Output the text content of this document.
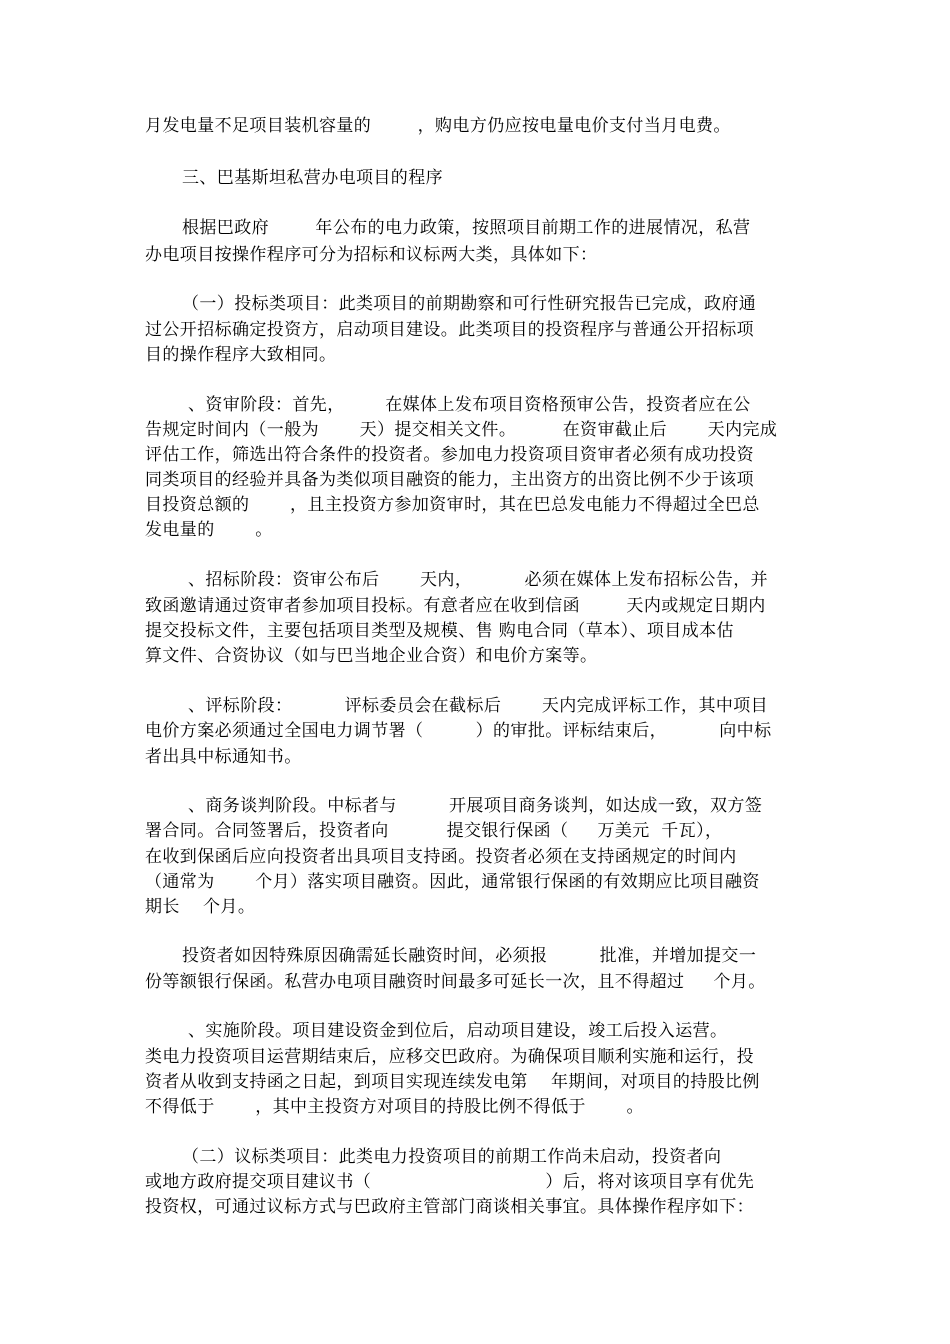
月发电量不足项目装机容量的        ，购电方仍应按电量电价支付当月电费。

三、巴基斯坦私营办电项目的程序

根据巴政府        年公布的电力政策，按照项目前期工作的进展情况，私营

办电项目按操作程序可分为招标和议标两大类，具体如下：

（一）投标类项目：此类项目的前期勘察和可行性研究报告已完成，政府通

过公开招标确定投资方，启动项目建设。此类项目的投资程序与普通公开招标项

目的操作程序大致相同。

、资审阶段：首先，       在媒体上发布项目资格预审公告，投资者应在公

告规定时间内（一般为       天）提交相关文件。        在资审截止后       天内完成

评估工作，筛选出符合条件的投资者。参加电力投资项目资审者必须有成功投资

同类项目的经验并具备为类似项目融资的能力，主出资方的出资比例不少于该项

目投资总额的       ，且主投资方参加资审时，其在巴总发电能力不得超过全巴总

发电量的       。

、招标阶段：资审公布后       天内，         必须在媒体上发布招标公告，并

致函邀请通过资审者参加项目投标。有意者应在收到信函        天内或规定日期内

提交投标文件，主要包括项目类型及规模、售 购电合同（草本）、项目成本估

算文件、合资协议（如与巴当地企业合资）和电价方案等。

、评标阶段：         评标委员会在截标后       天内完成评标工作，其中项目

电价方案必须通过全国电力调节署（         ）的审批。评标结束后，         向中标

者出具中标通知书。

、商务谈判阶段。中标者与         开展项目商务谈判，如达成一致，双方签

署合同。合同签署后，投资者向          提交银行保函（     万美元  千瓦），

在收到保函后应向投资者出具项目支持函。投资者必须在支持函规定的时间内

（通常为       个月）落实项目融资。因此，通常银行保函的有效期应比项目融资

期长    个月。

投资者如因特殊原因确需延长融资时间，必须报         批准，并增加提交一

份等额银行保函。私营办电项目融资时间最多可延长一次，且不得超过     个月。

、实施阶段。项目建设资金到位后，启动项目建设，竣工后投入运营。

类电力投资项目运营期结束后，应移交巴政府。为确保项目顺利实施和运行，投

资者从收到支持函之日起，到项目实现连续发电第    年期间，对项目的持股比例

不得低于       ，其中主投资方对项目的持股比例不得低于       。

（二）议标类项目：此类电力投资项目的前期工作尚未启动，投资者向

或地方政府提交项目建议书（                              ）后，将对该项目享有优先

投资权，可通过议标方式与巴政府主管部门商谈相关事宜。具体操作程序如下：
